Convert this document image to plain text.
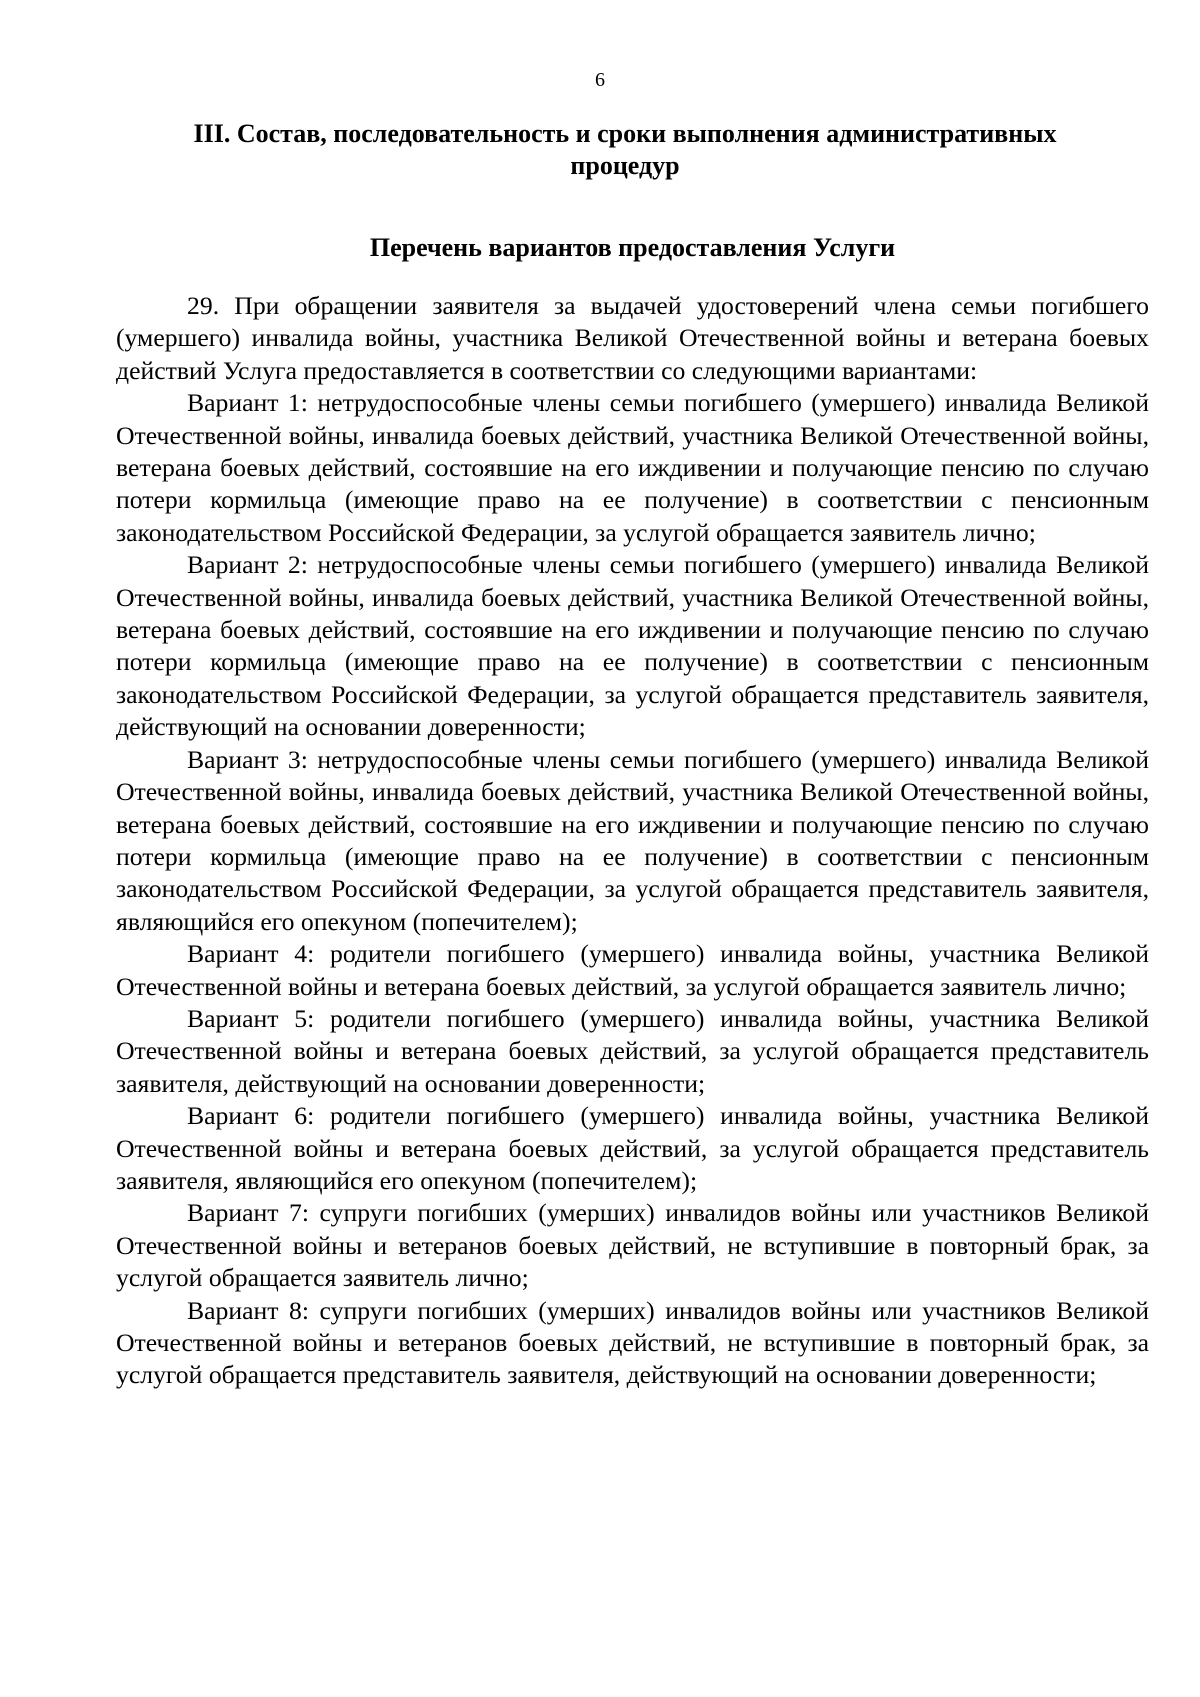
6
III. Состав, последовательность и сроки выполнения административных процедур
Перечень вариантов предоставления Услуги

29. При обращении заявителя за выдачей удостоверений члена семьи погибшего (умершего) инвалида войны, участника Великой Отечественной войны и ветерана боевых действий Услуга предоставляется в соответствии со следующими вариантами:

Вариант 1: нетрудоспособные члены семьи погибшего (умершего) инвалида Великой Отечественной войны, инвалида боевых действий, участника Великой Отечественной войны, ветерана боевых действий, состоявшие на его иждивении и получающие пенсию по случаю потери кормильца (имеющие право на ее получение) в соответствии с пенсионным законодательством Российской Федерации, за услугой обращается заявитель лично;

Вариант 2: нетрудоспособные члены семьи погибшего (умершего) инвалида Великой Отечественной войны, инвалида боевых действий, участника Великой Отечественной войны, ветерана боевых действий, состоявшие на его иждивении и получающие пенсию по случаю потери кормильца (имеющие право на ее получение) в соответствии с пенсионным законодательством Российской Федерации, за услугой обращается представитель заявителя, действующий на основании доверенности;

Вариант 3: нетрудоспособные члены семьи погибшего (умершего) инвалида Великой Отечественной войны, инвалида боевых действий, участника Великой Отечественной войны, ветерана боевых действий, состоявшие на его иждивении и получающие пенсию по случаю потери кормильца (имеющие право на ее получение) в соответствии с пенсионным законодательством Российской Федерации, за услугой обращается представитель заявителя, являющийся его опекуном (попечителем);

Вариант 4: родители погибшего (умершего) инвалида войны, участника Великой Отечественной войны и ветерана боевых действий, за услугой обращается заявитель лично;

Вариант 5: родители погибшего (умершего) инвалида войны, участника Великой Отечественной войны и ветерана боевых действий, за услугой обращается представитель заявителя, действующий на основании доверенности;

Вариант 6: родители погибшего (умершего) инвалида войны, участника Великой Отечественной войны и ветерана боевых действий, за услугой обращается представитель заявителя, являющийся его опекуном (попечителем);

Вариант 7: супруги погибших (умерших) инвалидов войны или участников Великой Отечественной войны и ветеранов боевых действий, не вступившие в повторный брак, за услугой обращается заявитель лично;

Вариант 8: супруги погибших (умерших) инвалидов войны или участников Великой Отечественной войны и ветеранов боевых действий, не вступившие в повторный брак, за услугой обращается представитель заявителя, действующий на основании доверенности;
